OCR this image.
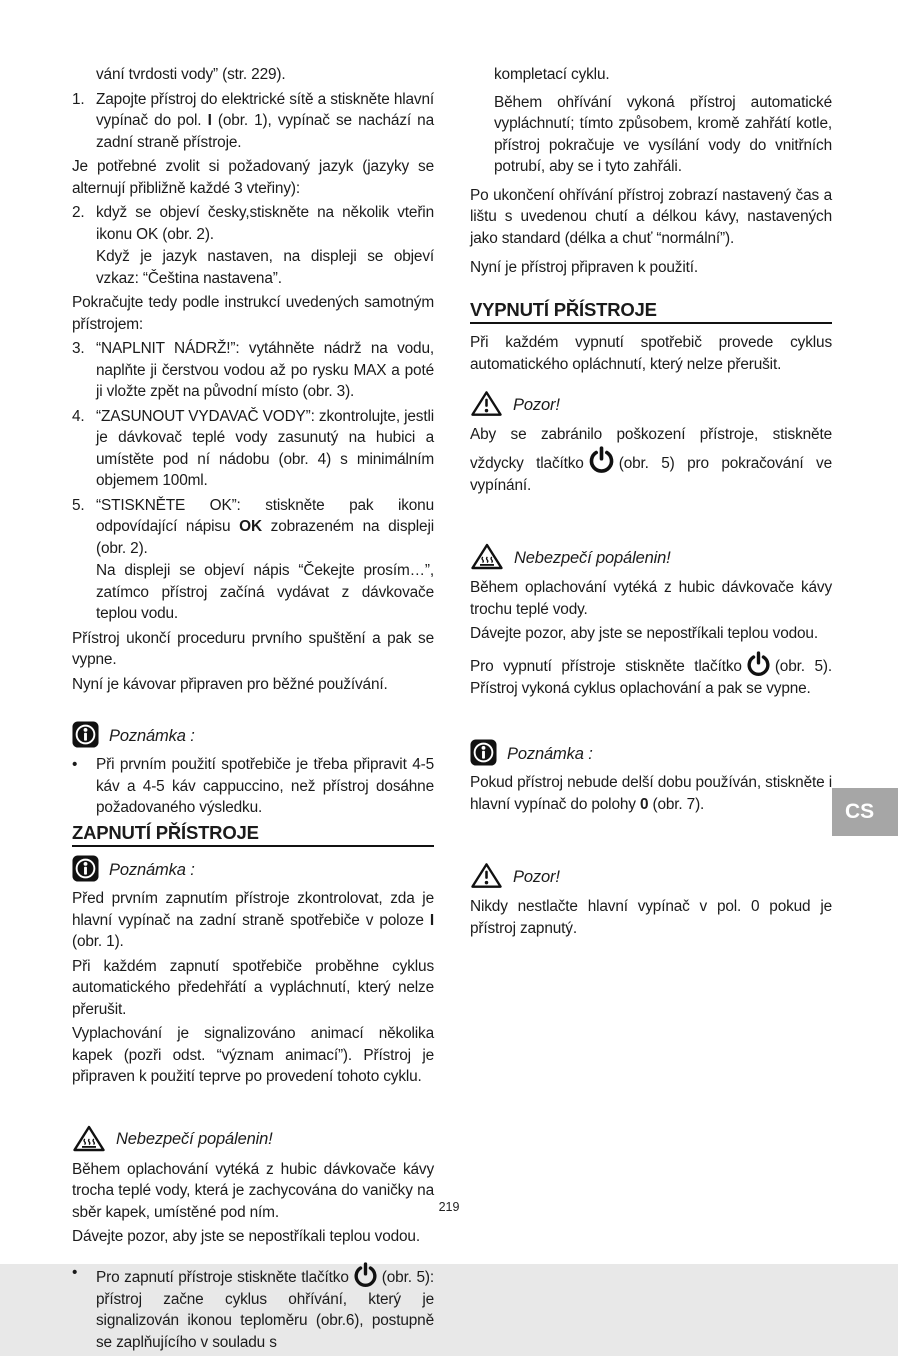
vání tvrdosti vody” (str. 229).
1. Zapojte přístroj do elektrické sítě a stiskněte hlavní vypínač do pol. I (obr. 1), vypínač se nachází na zadní straně přístroje.
Je potřebné zvolit si požadovaný jazyk (jazyky se alternují přibližně každé 3 vteřiny):
2. když se objeví česky,stiskněte na několik vteřin ikonu OK (obr. 2).
Když je jazyk nastaven, na displeji se objeví vzkaz: “Čeština nastavena”.
Pokračujte tedy podle instrukcí uvedených samotným přístrojem:
3. “NAPLNIT NÁDRŽ!”: vytáhněte nádrž na vodu, naplňte ji čerstvou vodou až po rysku MAX a poté ji vložte zpět na původní místo (obr. 3).
4. “ZASUNOUT VYDAVAČ VODY”: zkontrolujte, jestli je dávkovač teplé vody zasunutý na hubici a umístěte pod ní nádobu (obr. 4) s minimálním objemem 100ml.
5. “STISKNĚTE OK”: stiskněte pak ikonu odpovídající nápisu OK zobrazeném na displeji (obr. 2).
Na displeji se objeví nápis “Čekejte prosím…”, zatímco přístroj začíná vydávat z dávkovače teplou vodu.
Přístroj ukončí proceduru prvního spuštění a pak se vypne.
Nyní je kávovar připraven pro běžné používání.
Poznámka :
•	Při prvním použití spotřebiče je třeba připravit 4-5 káv a 4-5 káv cappuccino, než přístroj dosáhne požadovaného výsledku.
ZAPNUTÍ PŘÍSTROJE
Poznámka :
Před prvním zapnutím přístroje zkontrolovat, zda je hlavní vypínač na zadní straně spotřebiče v poloze I (obr. 1).
Při každém zapnutí spotřebiče proběhne cyklus automatického předehřátí a vypláchnutí, který nelze přerušit.
Vyplachování je signalizováno animací několika kapek (pozři odst. “význam animací”). Přístroj je připraven k použití teprve po provedení tohoto cyklu.
Nebezpečí popálenin!
Během oplachování vytéká z hubic dávkovače kávy trocha teplé vody, která je zachycována do vaničky na sběr kapek, umístěné pod ním.
Dávejte pozor, aby jste se nepostříkali teplou vodou.
•	Pro zapnutí přístroje stiskněte tlačítko (obr. 5): přístroj začne cyklus ohřívání, který je signalizován ikonou teploměru (obr.6), postupně se zaplňujícího v souladu s
kompletací cyklu.
Během ohřívání vykoná přístroj automatické vypláchnutí; tímto způsobem, kromě zahřátí kotle, přístroj pokračuje ve vysílání vody do vnitřních potrubí, aby se i tyto zahřáli.
Po ukončení ohřívání přístroj zobrazí nastavený čas a lištu s uvedenou chutí a délkou kávy, nastavených jako standard (délka a chuť “normální”).
Nyní je přístroj připraven k použití.
VYPNUTÍ PŘÍSTROJE
Při každém vypnutí spotřebič provede cyklus automatického opláchnutí, který nelze přerušit.
Pozor!
Aby se zabránilo poškození přístroje, stiskněte vždycky tlačítko (obr. 5) pro pokračování ve vypínání.
Nebezpečí popálenin!
Během oplachování vytéká z hubic dávkovače kávy trochu teplé vody.
Dávejte pozor, aby jste se nepostříkali teplou vodou.
Pro vypnutí přístroje stiskněte tlačítko (obr. 5). Přístroj vykoná cyklus oplachování a pak se vypne.
Poznámka :
Pokud přístroj nebude delší dobu používán, stiskněte i hlavní vypínač do polohy 0 (obr. 7).
Pozor!
Nikdy nestlačte hlavní vypínač v pol. 0 pokud je přístroj zapnutý.
CS
219
